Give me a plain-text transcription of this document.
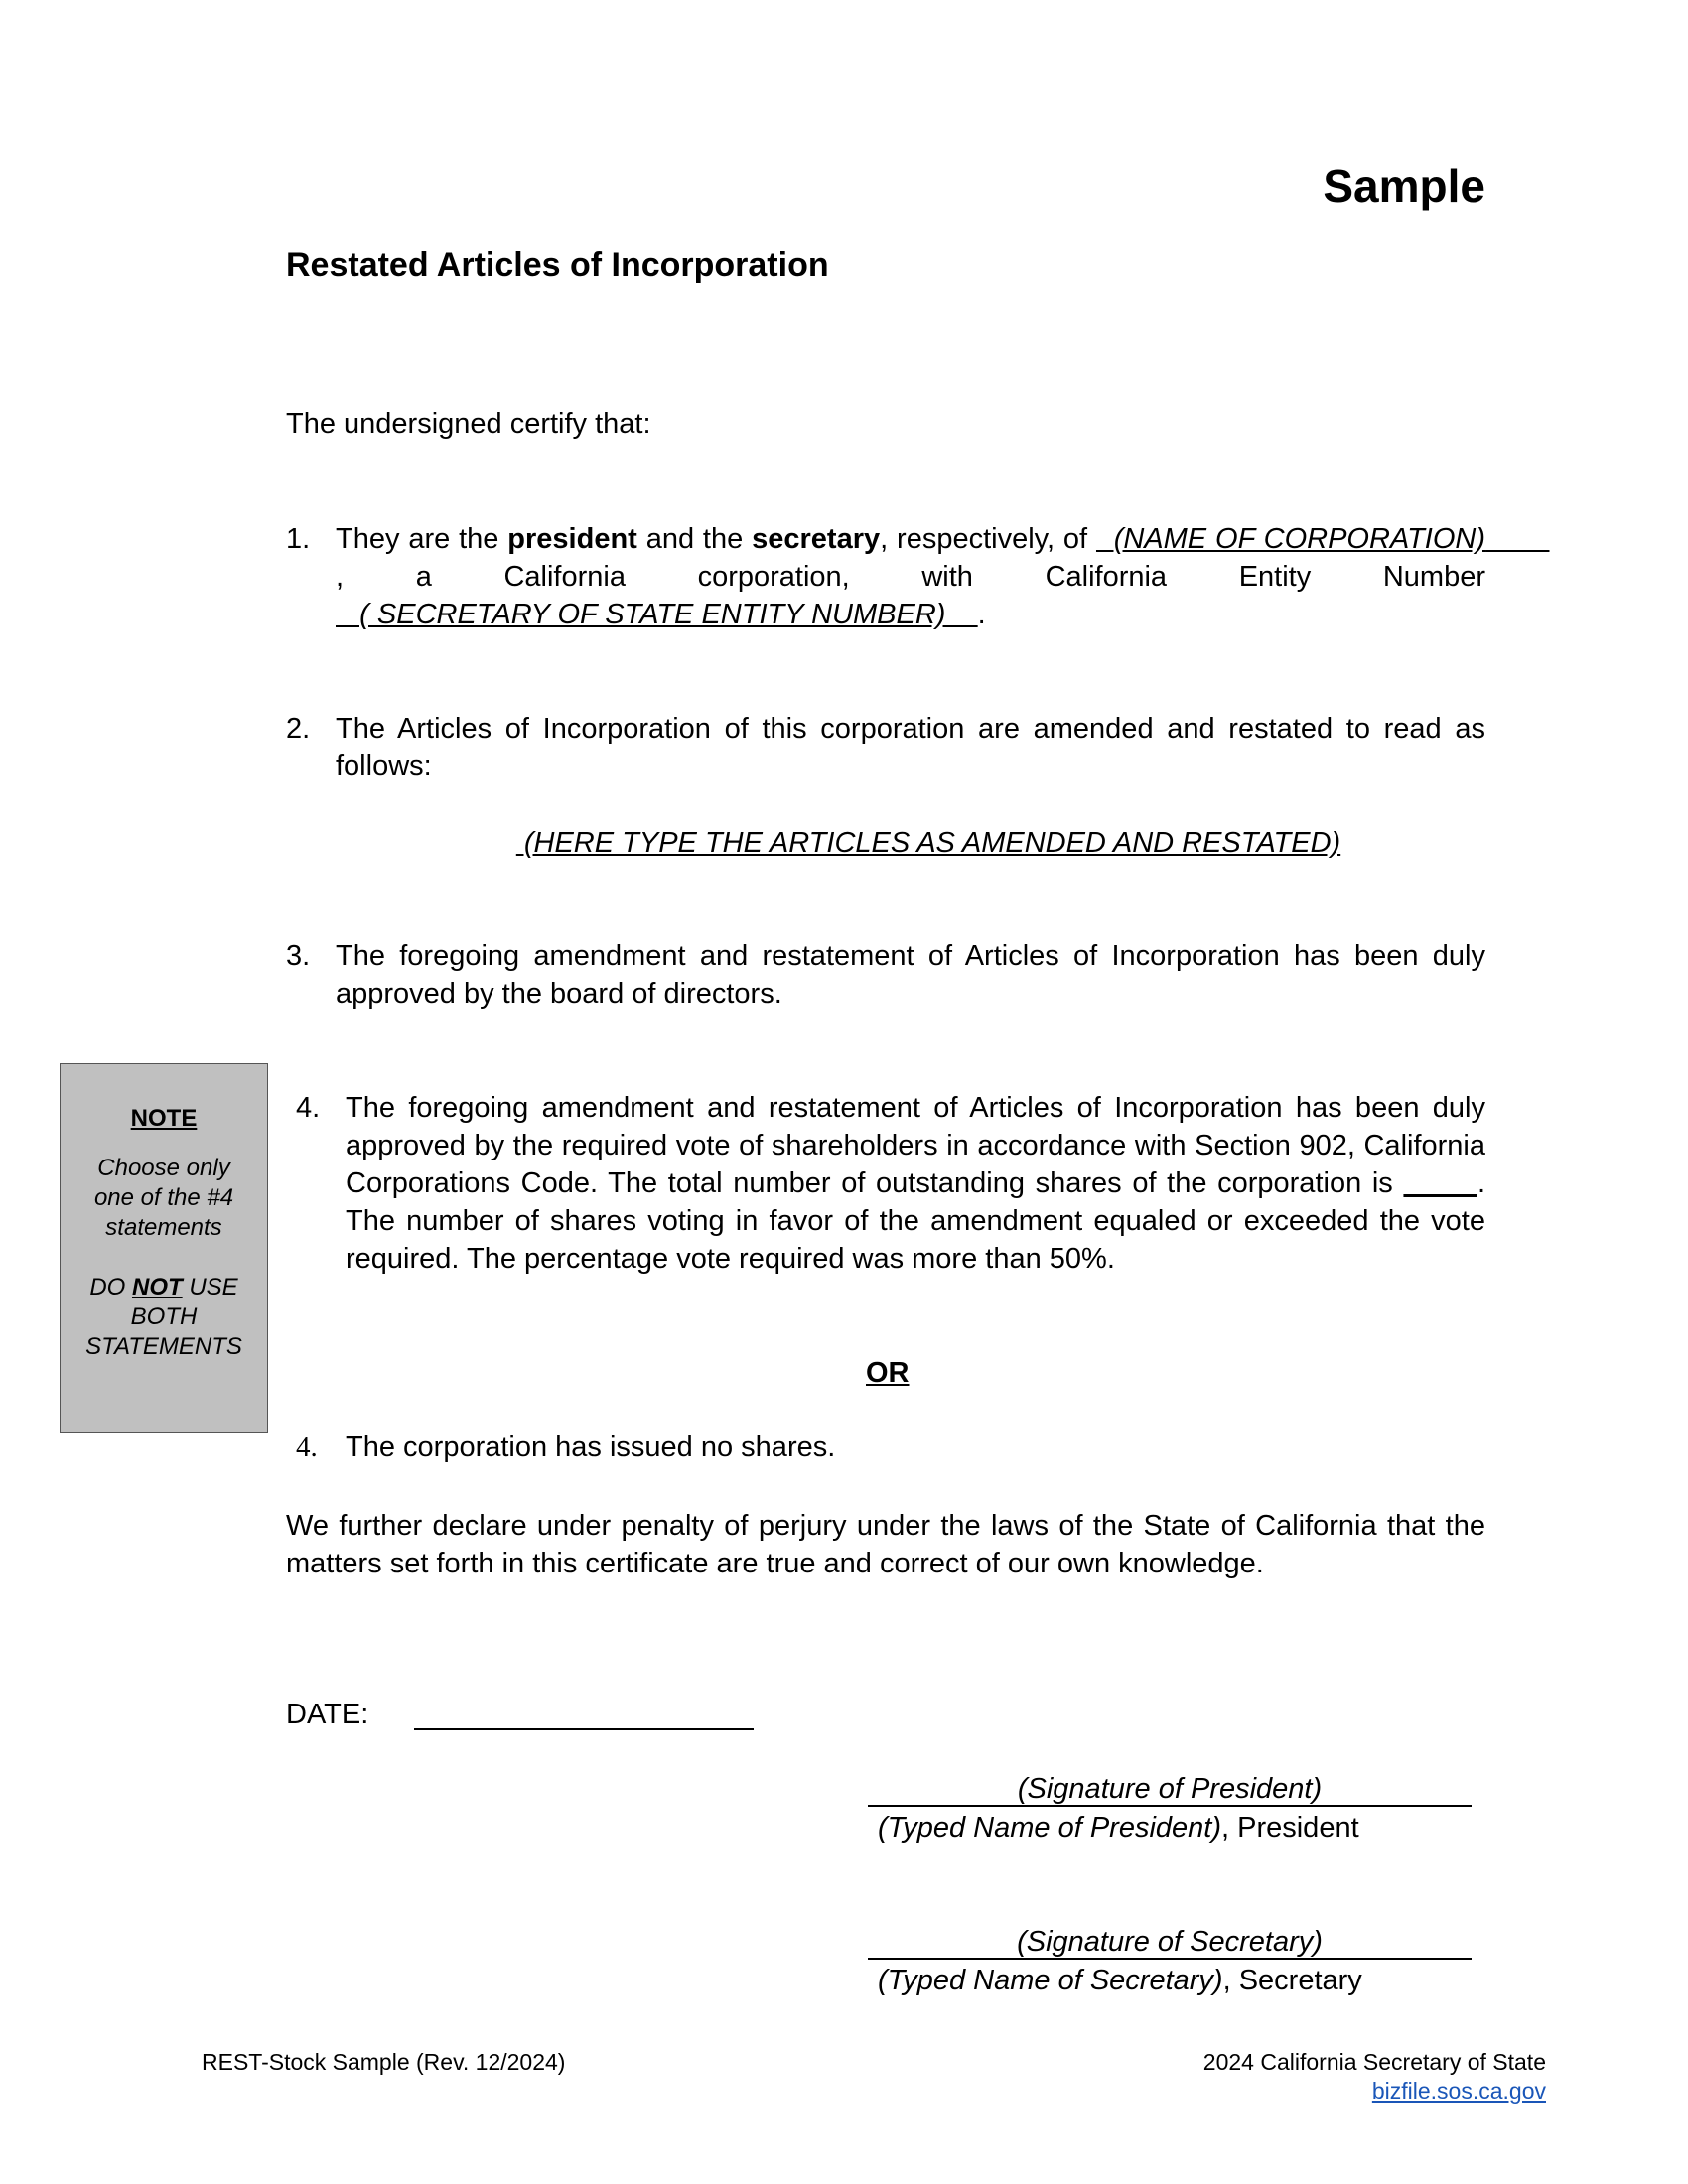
Sample
Restated Articles of Incorporation
The undersigned certify that:
1. They are the president and the secretary, respectively, of   (NAME OF CORPORATION)        , a California corporation, with California Entity Number    ( SECRETARY OF STATE ENTITY NUMBER)    .
2. The Articles of Incorporation of this corporation are amended and restated to read as follows:
(HERE TYPE THE ARTICLES AS AMENDED AND RESTATED)
3. The foregoing amendment and restatement of Articles of Incorporation has been duly approved by the board of directors.
NOTE
Choose only one of the #4 statements
DO NOT USE BOTH STATEMENTS
4. The foregoing amendment and restatement of Articles of Incorporation has been duly approved by the required vote of shareholders in accordance with Section 902, California Corporations Code. The total number of outstanding shares of the corporation is	. The number of shares voting in favor of the amendment equaled or exceeded the vote required. The percentage vote required was more than 50%.
OR
4. The corporation has issued no shares.
We further declare under penalty of perjury under the laws of the State of California that the matters set forth in this certificate are true and correct of our own knowledge.
DATE:
(Signature of President)
(Typed Name of President), President
(Signature of Secretary)
(Typed Name of Secretary), Secretary
REST-Stock Sample (Rev. 12/2024)	2024 California Secretary of State
bizfile.sos.ca.gov
